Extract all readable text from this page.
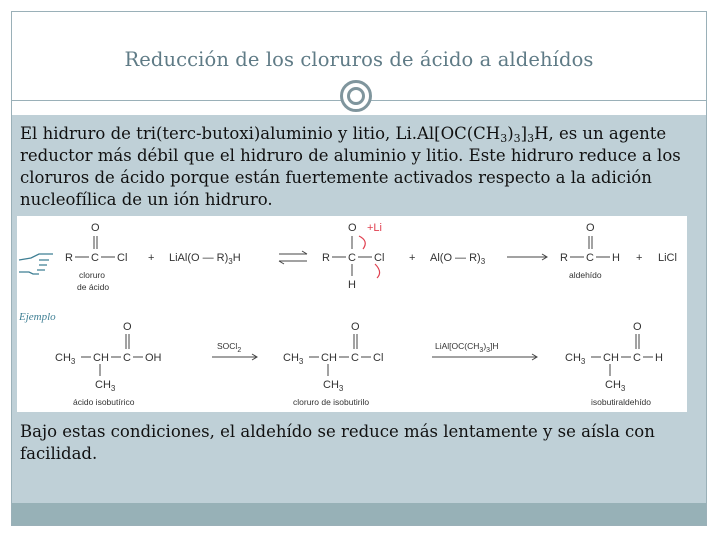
Reducción de los cloruros de ácido a aldehídos
El hidruro de tri(terc-butoxi)aluminio y litio, $Li.Al[OC(CH_3)_3]_3H$, es un agente reductor más débil que el hidruro de aluminio y litio. Este hidruro reduce a los cloruros de ácido porque están fuertemente activados respecto a la adición nucleofílica de un ión hidruro.
R C Cl
O
cloruro
de ácido
+ LiAl(O — $R)_3H$	R C Cl
O +Li
H
+ Al(O — $R)_3$	R C H
O
aldehído
+ LiCl
Ejemplo
$CH_3$ CH C OH
O
$CH_3$
ácido isobutírico
SOCl$_2$
$CH_3$ CH C Cl
O
$CH_3$
cloruro de isobutirilo
$LiAl[OC(CH_3)_3]H$
$CH_3$ CH C H
O
$CH_3$
isobutiraldehído
Bajo estas condiciones, el aldehído se reduce más lentamente y se aísla con facilidad.
